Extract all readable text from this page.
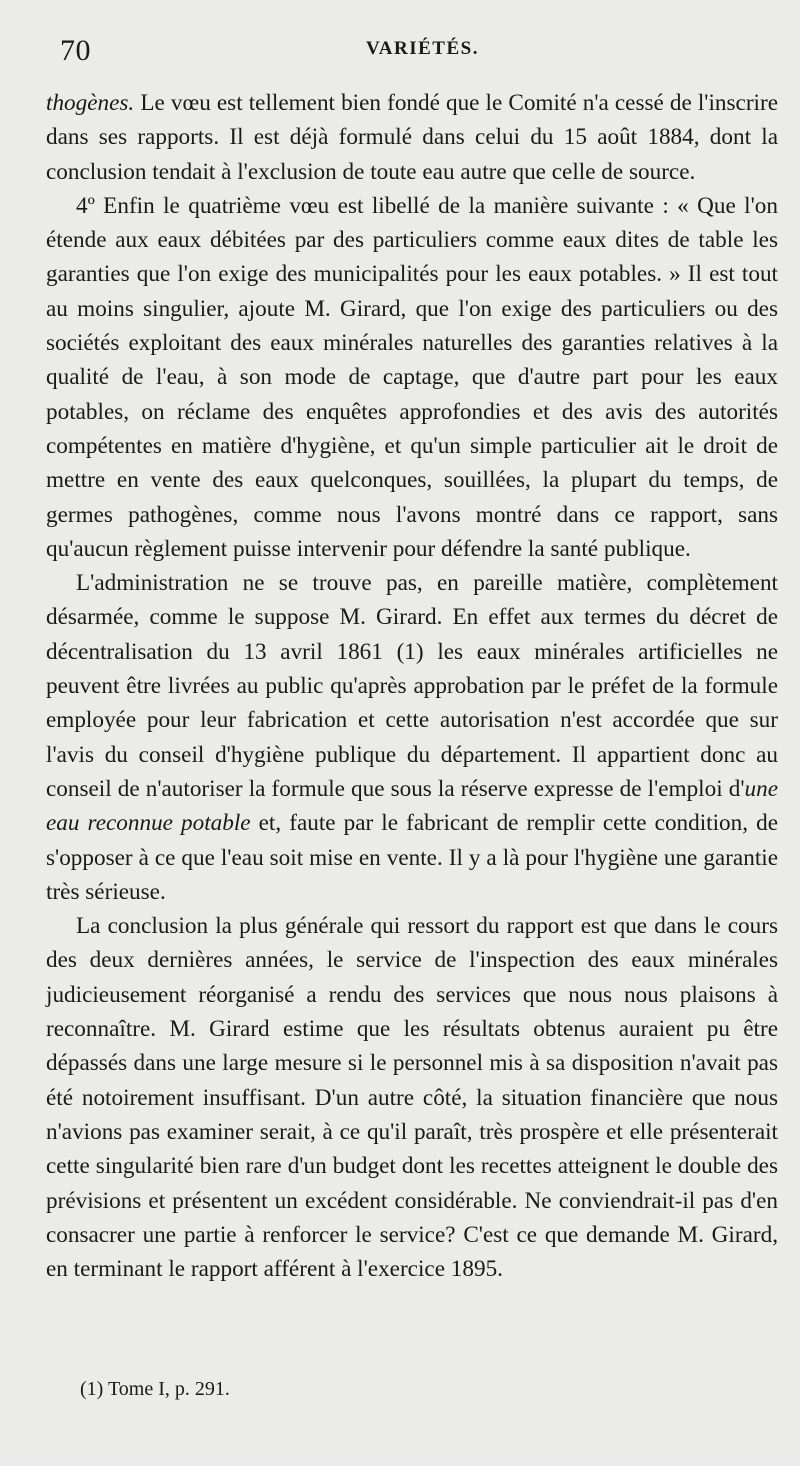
70	VARIÉTÉS.

thogènes. Le vœu est tellement bien fondé que le Comité n'a cessé de l'inscrire dans ses rapports. Il est déjà formulé dans celui du 15 août 1884, dont la conclusion tendait à l'exclusion de toute eau autre que celle de source.

4º Enfin le quatrième vœu est libellé de la manière suivante : « Que l'on étende aux eaux débitées par des particuliers comme eaux dites de table les garanties que l'on exige des municipalités pour les eaux potables. » Il est tout au moins singulier, ajoute M. Girard, que l'on exige des particuliers ou des sociétés exploitant des eaux minérales naturelles des garanties relatives à la qualité de l'eau, à son mode de captage, que d'autre part pour les eaux potables, on réclame des enquêtes approfondies et des avis des autorités compétentes en matière d'hygiène, et qu'un simple particulier ait le droit de mettre en vente des eaux quelconques, souillées, la plupart du temps, de germes pathogènes, comme nous l'avons montré dans ce rapport, sans qu'aucun règlement puisse intervenir pour défendre la santé publique.

L'administration ne se trouve pas, en pareille matière, complètement désarmée, comme le suppose M. Girard. En effet aux termes du décret de décentralisation du 13 avril 1861 (1) les eaux minérales artificielles ne peuvent être livrées au public qu'après approbation par le préfet de la formule employée pour leur fabrication et cette autorisation n'est accordée que sur l'avis du conseil d'hygiène publique du département. Il appartient donc au conseil de n'autoriser la formule que sous la réserve expresse de l'emploi d'une eau reconnue potable et, faute par le fabricant de remplir cette condition, de s'opposer à ce que l'eau soit mise en vente. Il y a là pour l'hygiène une garantie très sérieuse.

La conclusion la plus générale qui ressort du rapport est que dans le cours des deux dernières années, le service de l'inspection des eaux minérales judicieusement réorganisé a rendu des services que nous nous plaisons à reconnaître. M. Girard estime que les résultats obtenus auraient pu être dépassés dans une large mesure si le personnel mis à sa disposition n'avait pas été notoirement insuffisant. D'un autre côté, la situation financière que nous n'avions pas examiner serait, à ce qu'il paraît, très prospère et elle présenterait cette singularité bien rare d'un budget dont les recettes atteignent le double des prévisions et présentent un excédent considérable. Ne conviendrait-il pas d'en consacrer une partie à renforcer le service? C'est ce que demande M. Girard, en terminant le rapport afférent à l'exercice 1895.

(1) Tome I, p. 291.
